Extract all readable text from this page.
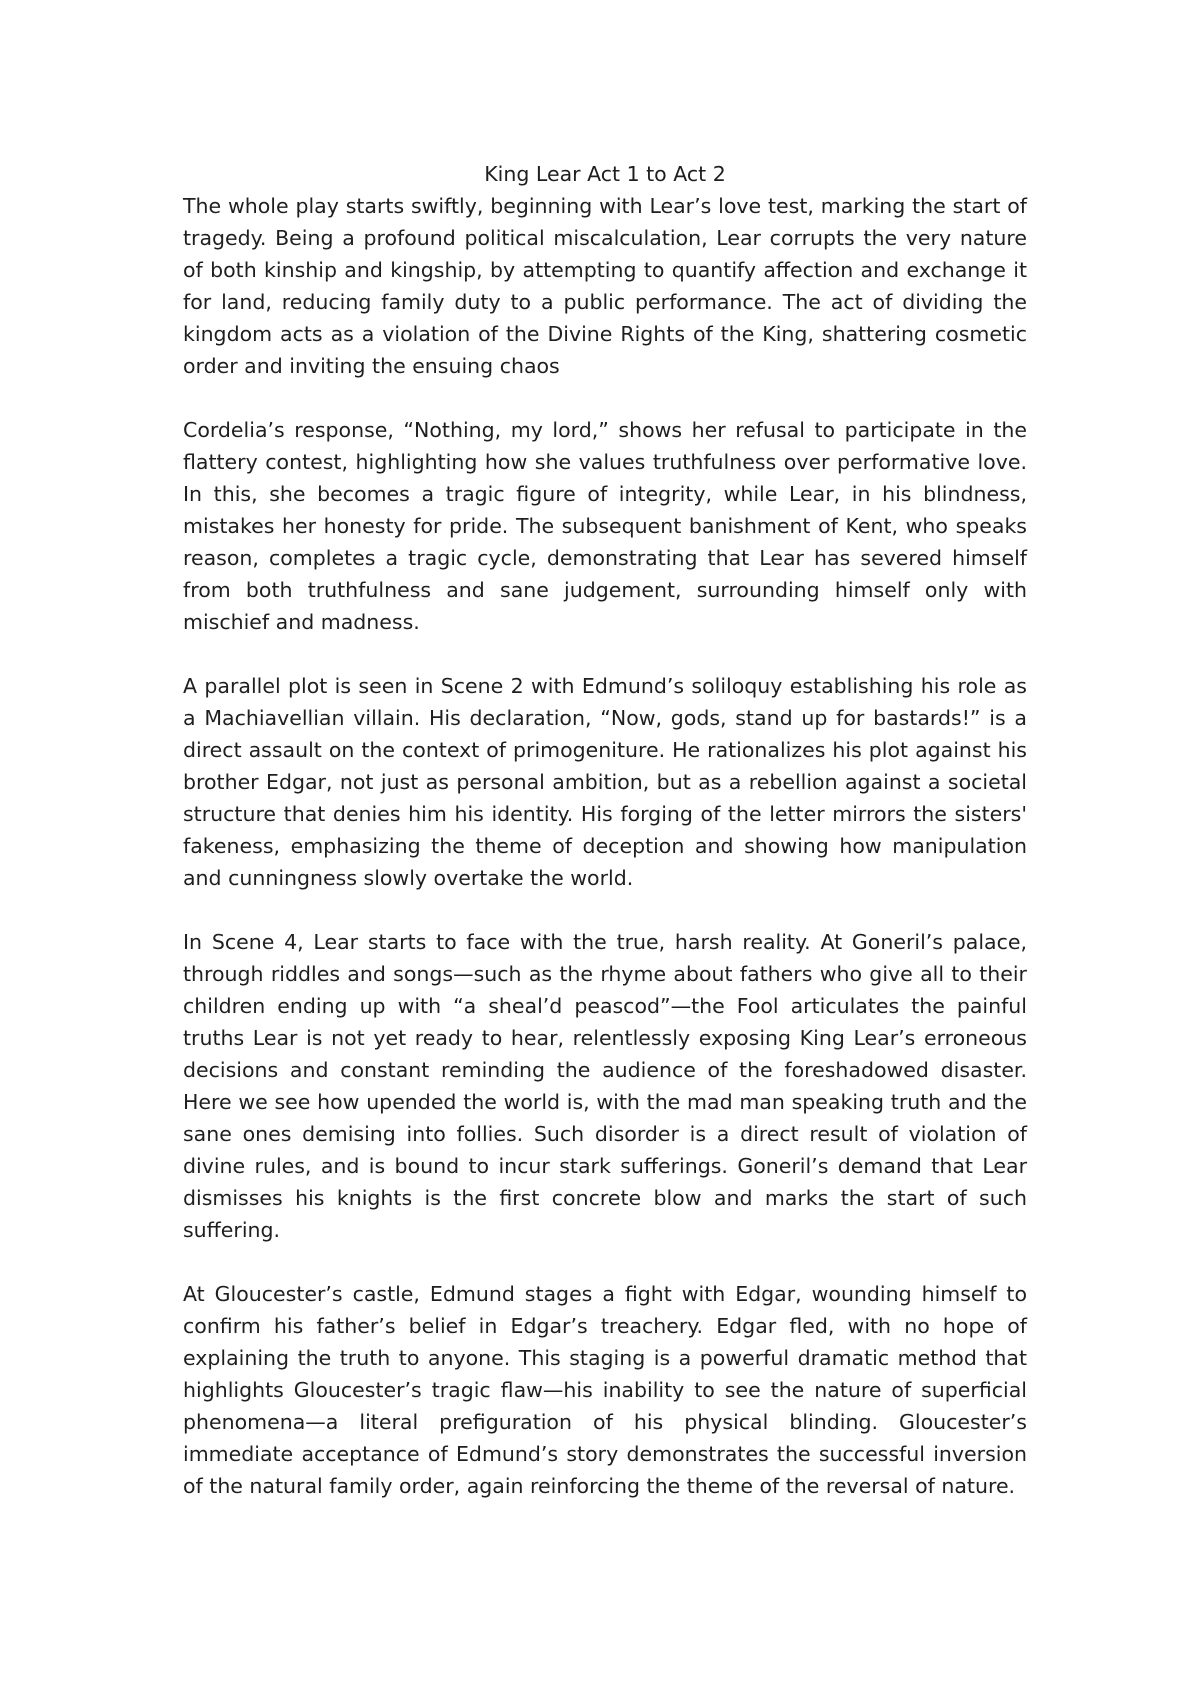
King Lear Act 1 to Act 2

The whole play starts swiftly, beginning with Lear’s love test, marking the start of tragedy. Being a profound political miscalculation, Lear corrupts the very nature of both kinship and kingship, by attempting to quantify affection and exchange it for land, reducing family duty to a public performance. The act of dividing the kingdom acts as a violation of the Divine Rights of the King, shattering cosmetic order and inviting the ensuing chaos

Cordelia’s response, “Nothing, my lord,” shows her refusal to participate in the flattery contest, highlighting how she values truthfulness over performative love. In this, she becomes a tragic figure of integrity, while Lear, in his blindness, mistakes her honesty for pride. The subsequent banishment of Kent, who speaks reason, completes a tragic cycle, demonstrating that Lear has severed himself from both truthfulness and sane judgement, surrounding himself only with mischief and madness.

A parallel plot is seen in Scene 2 with Edmund’s soliloquy establishing his role as a Machiavellian villain. His declaration, “Now, gods, stand up for bastards!” is a direct assault on the context of primogeniture. He rationalizes his plot against his brother Edgar, not just as personal ambition, but as a rebellion against a societal structure that denies him his identity. His forging of the letter mirrors the sisters' fakeness, emphasizing the theme of deception and showing how manipulation and cunningness slowly overtake the world.

In Scene 4, Lear starts to face with the true, harsh reality. At Goneril’s palace, through riddles and songs—such as the rhyme about fathers who give all to their children ending up with “a sheal’d peascod”—the Fool articulates the painful truths Lear is not yet ready to hear, relentlessly exposing King Lear’s erroneous decisions and constant reminding the audience of the foreshadowed disaster. Here we see how upended the world is, with the mad man speaking truth and the sane ones demising into follies. Such disorder is a direct result of violation of divine rules, and is bound to incur stark sufferings. Goneril’s demand that Lear dismisses his knights is the first concrete blow and marks the start of such suffering.

At Gloucester’s castle, Edmund stages a fight with Edgar, wounding himself to confirm his father’s belief in Edgar’s treachery. Edgar fled, with no hope of explaining the truth to anyone. This staging is a powerful dramatic method that highlights Gloucester’s tragic flaw—his inability to see the nature of superficial phenomena—a literal prefiguration of his physical blinding. Gloucester’s immediate acceptance of Edmund’s story demonstrates the successful inversion of the natural family order, again reinforcing the theme of the reversal of nature.
